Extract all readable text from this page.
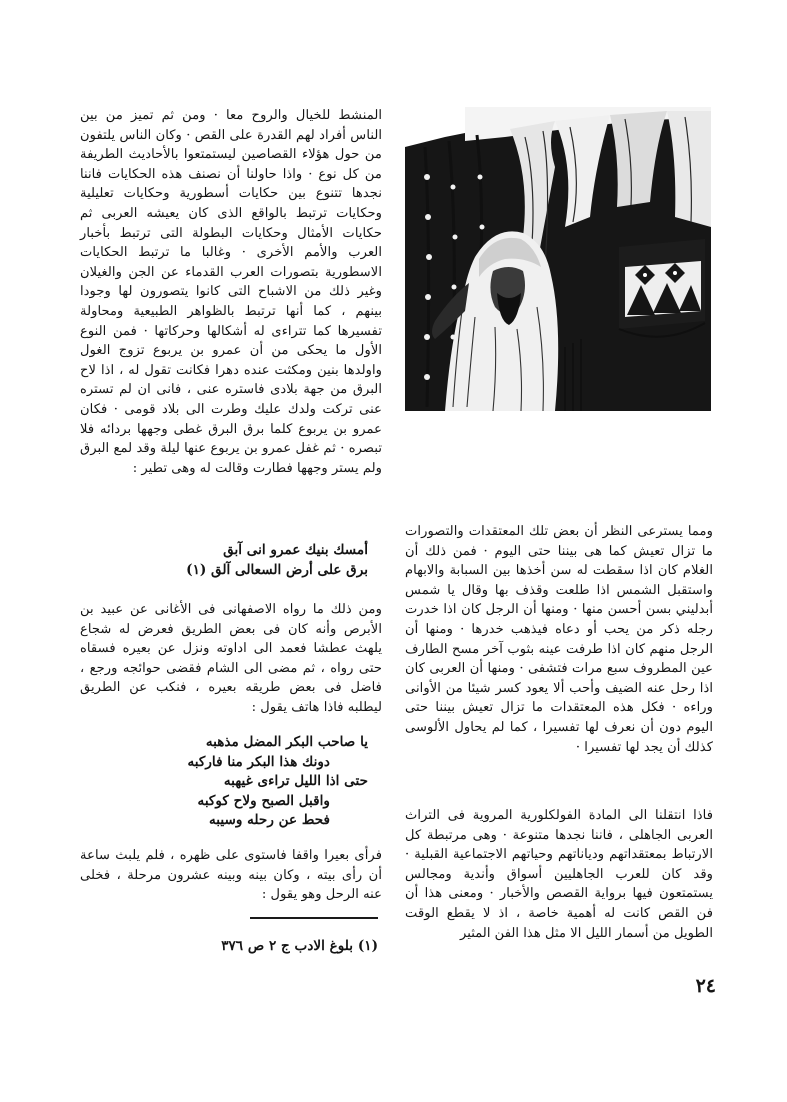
المنشط للخيال والروح معا · ومن ثم تميز من بين الناس أفراد لهم القدرة على القص · وكان الناس يلتفون من حول هؤلاء القصاصين ليستمتعوا بالأحاديث الطريفة من كل نوع · واذا حاولنا أن نصنف هذه الحكايات فاننا نجدها تتنوع بين حكايات أسطورية وحكايات تعليلية وحكايات ترتبط بالواقع الذى كان يعيشه العربى ثم حكايات الأمثال وحكايات البطولة التى ترتبط بأخبار العرب والأمم الأخرى · وغالبا ما ترتبط الحكايات الاسطورية بتصورات العرب القدماء عن الجن والغيلان وغير ذلك من الاشباح التى كانوا يتصورون لها وجودا بينهم ، كما أنها ترتبط بالظواهر الطبيعية ومحاولة تفسيرها كما تتراءى له أشكالها وحركاتها · فمن النوع الأول ما يحكى من أن عمرو بن يربوع تزوج الغول واولدها بنين ومكثت عنده دهرا فكانت تقول له ، اذا لاح البرق من جهة بلادى فاستره عنى ، فانى ان لم تستره عنى تركت ولدك عليك وطرت الى بلاد قومى · فكان عمرو بن يربوع كلما برق البرق غطى وجهها بردائه فلا تبصره · ثم غفل عمرو بن يربوع عنها ليلة وقد لمع البرق ولم يستر وجهها فطارت وقالت له وهى تطير :

أمسك بنيك عمرو انى آبق
برق على أرض السعالى آلق (١)

ومن ذلك ما رواه الاصفهانى فى الأغانى عن عبيد بن الأبرص وأنه كان فى بعض الطريق فعرض له شجاع يلهث عطشا فعمد الى اداوته ونزل عن بعيره فسقاه حتى رواه ، ثم مضى الى الشام فقضى حوائجه ورجع ، فاضل فى بعض طريقه بعيره ، فنكب عن الطريق ليطلبه فاذا هاتف يقول :

يا صاحب البكر المضل مذهبه
دونك هذا البكر منا فاركبه
حتى اذا الليل تراءى غيهبه
واقبل الصبح ولاح كوكبه
فحط عن رحله وسيبه

فرأى بعيرا واقفا فاستوى على ظهره ، فلم يلبث ساعة أن رأى بيته ، وكان بينه وبينه عشرون مرحلة ، فخلى عنه الرحل وهو يقول :

(١) بلوغ الادب ج ٢ ص ٣٧٦

ومما يسترعى النظر أن بعض تلك المعتقدات والتصورات ما تزال تعيش كما هى بيننا حتى اليوم · فمن ذلك أن الغلام كان اذا سقطت له سن أخذها بين السبابة والابهام واستقبل الشمس اذا طلعت وقذف بها وقال يا شمس أبدليني بسن أحسن منها · ومنها أن الرجل كان اذا خدرت رجله ذكر من يحب أو دعاه فيذهب خدرها · ومنها أن الرجل منهم كان اذا طرفت عينه بثوب آخر مسح الطارف عين المطروف سبع مرات فتشفى · ومنها أن العربى كان اذا رحل عنه الضيف وأحب ألا يعود كسر شيئا من الأوانى وراءه · فكل هذه المعتقدات ما تزال تعيش بيننا حتى اليوم دون أن نعرف لها تفسيرا ، كما لم يحاول الألوسى كذلك أن يجد لها تفسيرا ·

فاذا انتقلنا الى المادة الفولكلورية المروية فى التراث العربى الجاهلى ، فاننا نجدها متنوعة · وهى مرتبطة كل الارتباط بمعتقداتهم ودياناتهم وحياتهم الاجتماعية القبلية · وقد كان للعرب الجاهليين أسواق وأندية ومجالس يستمتعون فيها برواية القصص والأخبار · ومعنى هذا أن فن القص كانت له أهمية خاصة ، اذ لا يقطع الوقت الطويل من أسمار الليل الا مثل هذا الفن المثير

٢٤
